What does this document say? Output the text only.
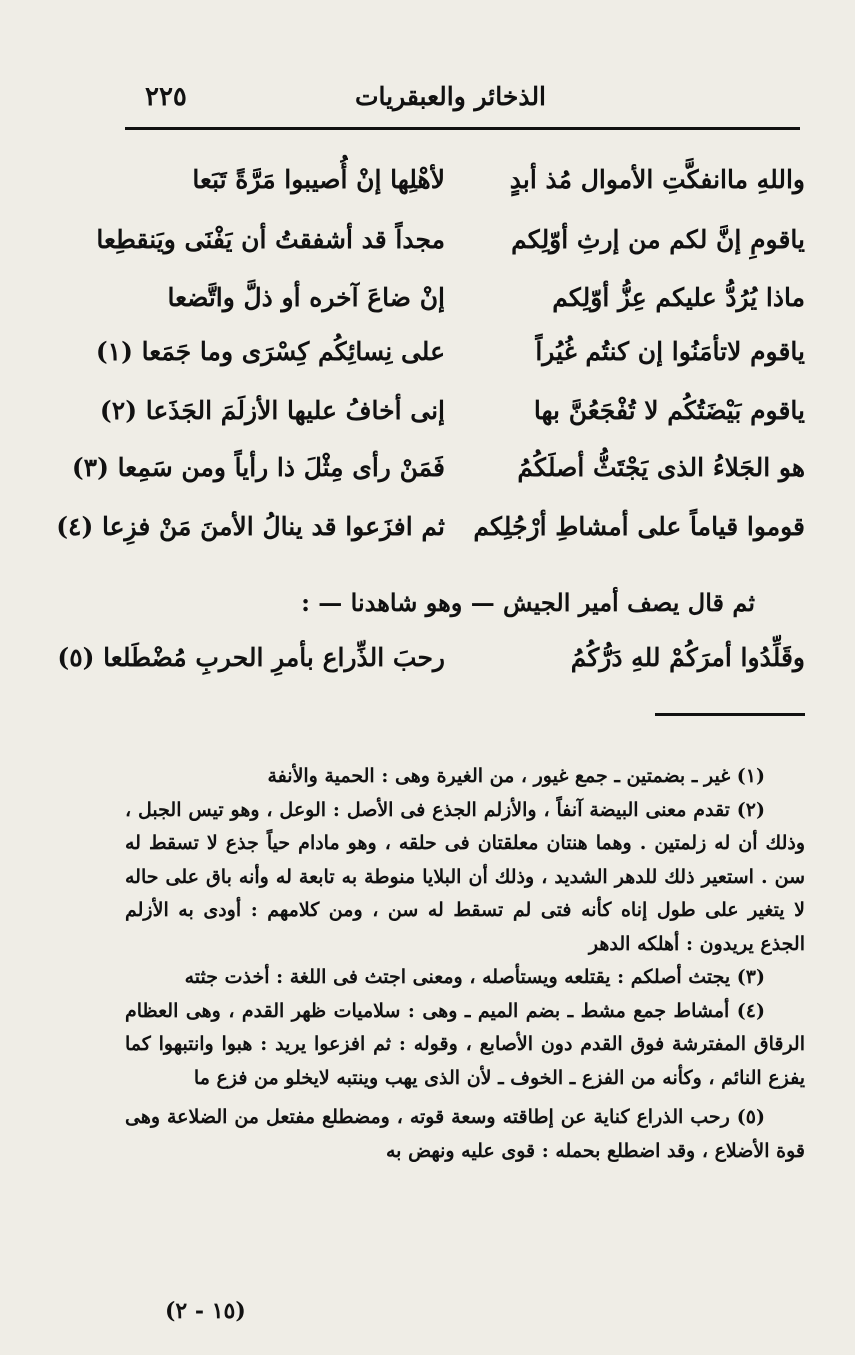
٢٢٥	الذخائر والعبقريات
واللهِ ماانفكَّتِ الأموال مُذ أبدٍ
لأهْلِها إنْ أُصيبوا مَرَّةً تَبَعا
ياقومِ إنَّ لكم من إرثِ أوّلِكم
مجداً قد أشفقتُ أن يَفْنَى ويَنقطِعا
ماذا يُرُدُّ عليكم عِزُّ أوّلِكم
إنْ ضاعَ آخره أو ذلَّ واتَّضعا
ياقوم لاتأمَنُوا إن كنتُم غُيُراً
على نِسائِكُم كِسْرَى وما جَمَعا (١)
ياقوم بَيْضَتُكُم لا تُفْجَعُنَّ بها
إنى أخافُ عليها الأزلَمَ الجَذَعا (٢)
هو الجَلاءُ الذى يَجْتَثُّ أصلَكُمُ
فَمَنْ رأى مِثْلَ ذا رأياً ومن سَمِعا (٣)
قوموا قياماً على أمشاطِ أرْجُلِكم
ثم افزَعوا قد ينالُ الأمنَ مَنْ فزِعا (٤)
ثم قال يصف أمير الجيش — وهو شاهدنا — :
وقَلِّدُوا أمرَكُمْ للهِ دَرُّكُمُ
رحبَ الذِّراع بأمرِ الحربِ مُضْطَلعا (٥)

(١) غير ـ بضمتين ـ جمع غيور ، من الغيرة وهى : الحمية والأنفة

(٢) تقدم معنى البيضة آنفاً ، والأزلم الجذع فى الأصل : الوعل ، وهو تيس الجبل ، وذلك أن له زلمتين . وهما هنتان معلقتان فى حلقه ، وهو مادام حياً جذع لا تسقط له سن . استعير ذلك للدهر الشديد ، وذلك أن البلايا منوطة به تابعة له وأنه باق على حاله لا يتغير على طول إناه كأنه فتى لم تسقط له سن ، ومن كلامهم : أودى به الأزلم الجذع يريدون : أهلكه الدهر

(٣) يجتث أصلكم : يقتلعه ويستأصله ، ومعنى اجتث فى اللغة : أخذت جثته

(٤) أمشاط جمع مشط ـ بضم الميم ـ وهى : سلاميات ظهر القدم ، وهى العظام الرقاق المفترشة فوق القدم دون الأصابع ، وقوله : ثم افزعوا يريد : هبوا وانتبهوا كما يفزع النائم ، وكأنه من الفزع ـ الخوف ـ لأن الذى يهب وينتبه لايخلو من فزع ما

(٥) رحب الذراع كناية عن إطاقته وسعة قوته ، ومضطلع مفتعل من الضلاعة وهى قوة الأضلاع ، وقد اضطلع بحمله : قوى عليه ونهض به

(١٥ - ٢)
